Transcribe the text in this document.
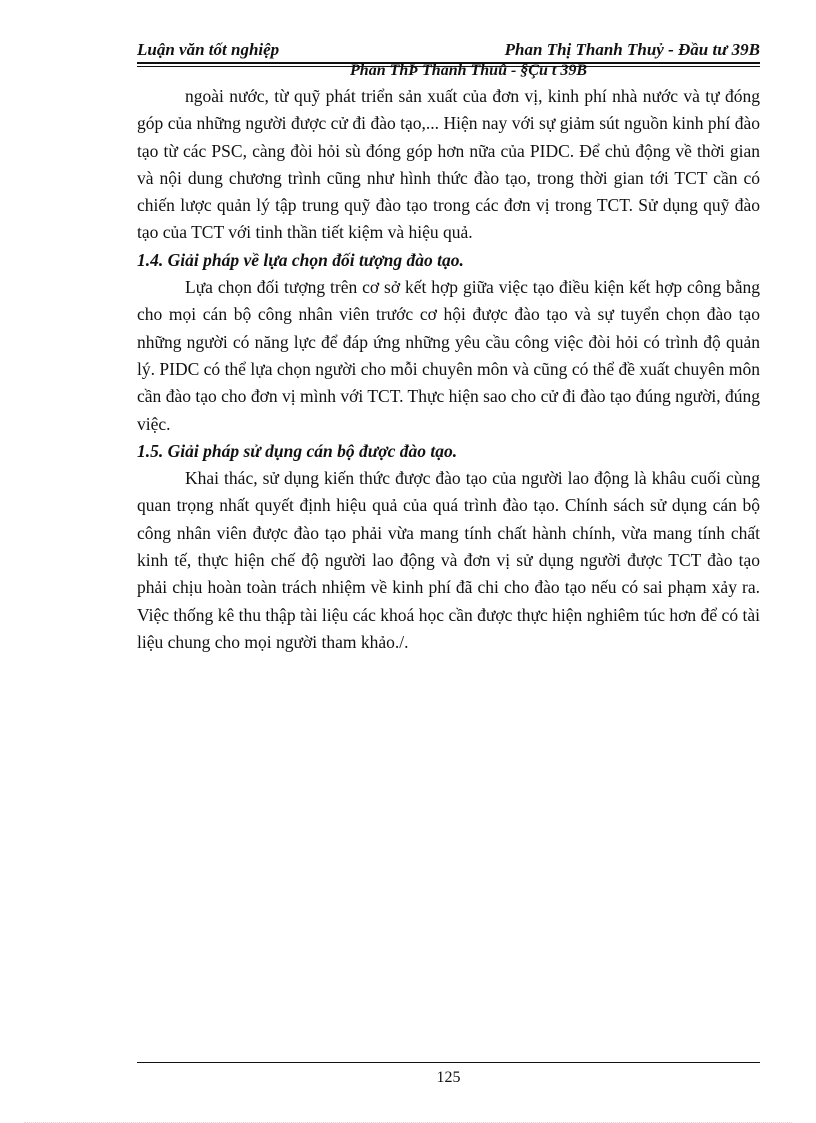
Luận văn tốt nghiệp	Phan Thị Thanh Thuỷ - Đầu tư 39B
Phan ThÞ Thanh Thuû - §Çu t 39B

ngoài nước, từ quỹ phát triển sản xuất của đơn vị, kinh phí nhà nước và tự đóng góp của những người được cử đi đào tạo,... Hiện nay với sự giảm sút nguồn kinh phí đào tạo từ các PSC, càng đòi hỏi sù đóng góp hơn nữa của PIDC. Để chủ động về thời gian và nội dung chương trình cũng như hình thức đào tạo, trong thời gian tới TCT cần có chiến lược quản lý tập trung quỹ đào tạo trong các đơn vị trong TCT. Sử dụng quỹ đào tạo của TCT với tinh thần tiết kiệm và hiệu quả.

1.4. Giải pháp về lựa chọn đối tượng đào tạo.

Lựa chọn đối tượng trên cơ sở kết hợp giữa việc tạo điều kiện kết hợp công bằng cho mọi cán bộ công nhân viên trước cơ hội được đào tạo và sự tuyển chọn đào tạo những người có năng lực để đáp ứng những yêu cầu công việc đòi hỏi có trình độ quản lý. PIDC có thể lựa chọn người cho mỗi chuyên môn và cũng có thể đề xuất chuyên môn cần đào tạo cho đơn vị mình với TCT. Thực hiện sao cho cử đi đào tạo đúng người, đúng việc.

1.5. Giải pháp sử dụng cán bộ được đào tạo.

Khai thác, sử dụng kiến thức được đào tạo của người lao động là khâu cuối cùng quan trọng nhất quyết định hiệu quả của quá trình đào tạo. Chính sách sử dụng cán bộ công nhân viên được đào tạo phải vừa mang tính chất hành chính, vừa mang tính chất kinh tế, thực hiện chế độ người lao động và đơn vị sử dụng người được TCT đào tạo phải chịu hoàn toàn trách nhiệm về kinh phí đã chi cho đào tạo nếu có sai phạm xảy ra. Việc thống kê thu thập tài liệu các khoá học cần được thực hiện nghiêm túc hơn để có tài liệu chung cho mọi người tham khảo./.

125
